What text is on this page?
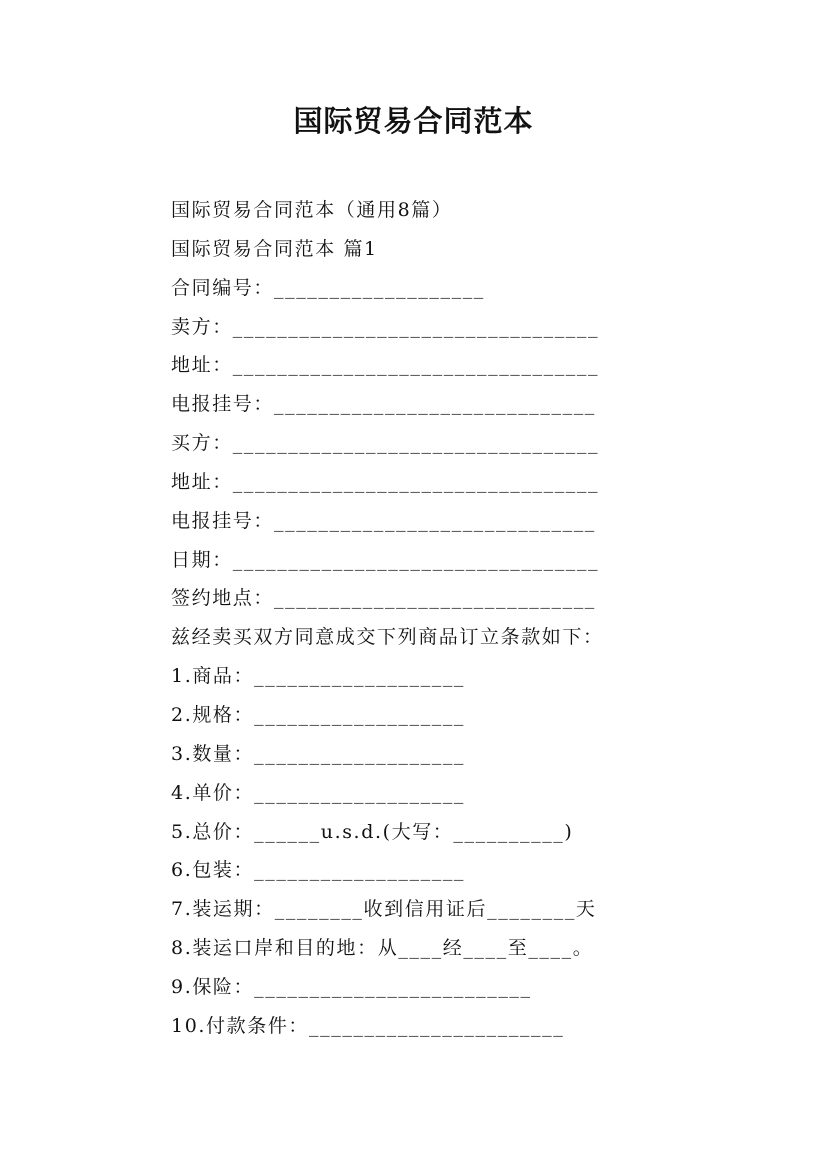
国际贸易合同范本
国际贸易合同范本（通用8篇）
国际贸易合同范本 篇1
合同编号：___________________
卖方：_________________________________
地址：_________________________________
电报挂号：_____________________________
买方：_________________________________
地址：_________________________________
电报挂号：_____________________________
日期：_________________________________
签约地点：_____________________________
兹经卖买双方同意成交下列商品订立条款如下：
1.商品：___________________
2.规格：___________________
3.数量：___________________
4.单价：___________________
5.总价：______u.s.d.(大写：__________)
6.包装：___________________
7.装运期：________收到信用证后________天
8.装运口岸和目的地：从____经____至____。
9.保险：_________________________
10.付款条件：_______________________
